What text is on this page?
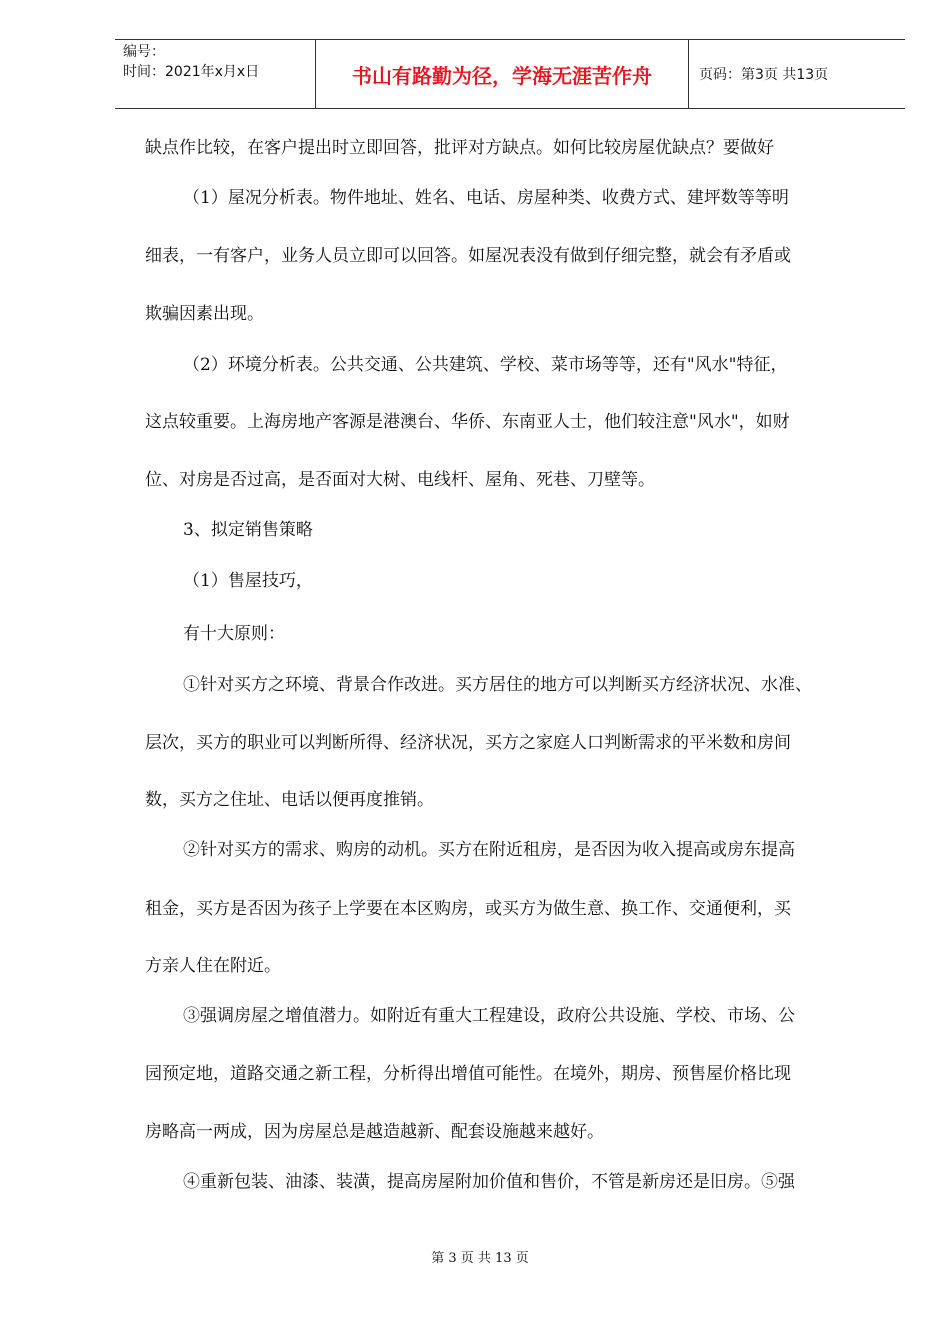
编号：
时间：2021年x月x日	书山有路勤为径，学海无涯苦作舟	页码：第3页 共13页
缺点作比较，在客户提出时立即回答，批评对方缺点。如何比较房屋优缺点？要做好
（1）屋况分析表。物件地址、姓名、电话、房屋种类、收费方式、建坪数等等明
细表，一有客户，业务人员立即可以回答。如屋况表没有做到仔细完整，就会有矛盾或
欺骗因素出现。
（2）环境分析表。公共交通、公共建筑、学校、菜市场等等，还有"风水"特征，
这点较重要。上海房地产客源是港澳台、华侨、东南亚人士，他们较注意"风水"，如财
位、对房是否过高，是否面对大树、电线杆、屋角、死巷、刀壁等。
3、拟定销售策略
（1）售屋技巧，
有十大原则：
①针对买方之环境、背景合作改进。买方居住的地方可以判断买方经济状况、水准、
层次，买方的职业可以判断所得、经济状况，买方之家庭人口判断需求的平米数和房间
数，买方之住址、电话以便再度推销。
②针对买方的需求、购房的动机。买方在附近租房，是否因为收入提高或房东提高
租金，买方是否因为孩子上学要在本区购房，或买方为做生意、换工作、交通便利，买
方亲人住在附近。
③强调房屋之增值潜力。如附近有重大工程建设，政府公共设施、学校、市场、公
园预定地，道路交通之新工程，分析得出增值可能性。在境外，期房、预售屋价格比现
房略高一两成，因为房屋总是越造越新、配套设施越来越好。
④重新包装、油漆、装潢，提高房屋附加价值和售价，不管是新房还是旧房。⑤强
第 3 页 共 13 页
